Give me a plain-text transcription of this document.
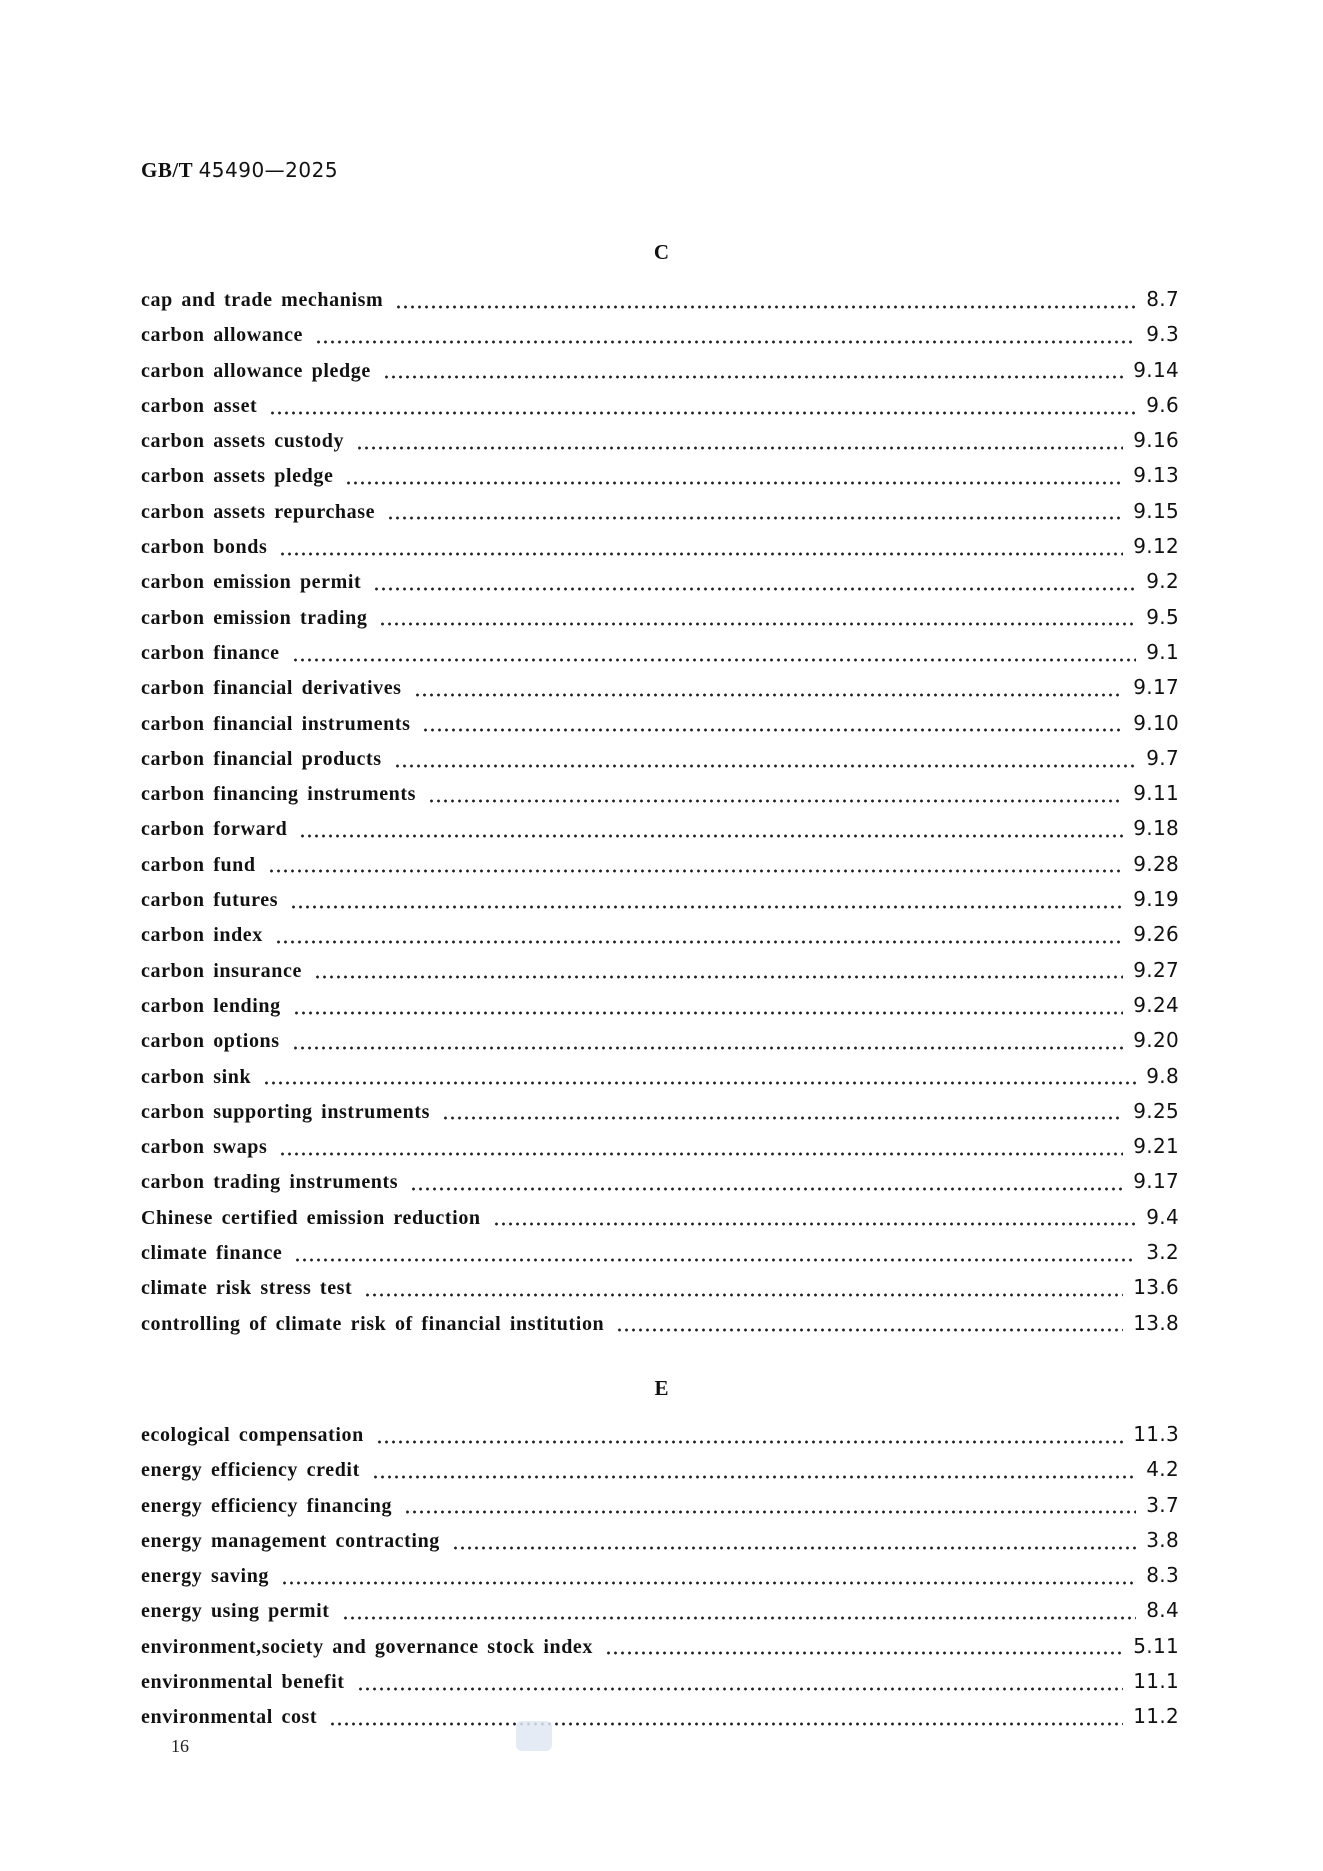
GB/T 45490—2025
C
cap and trade mechanism	8.7
carbon allowance	9.3
carbon allowance pledge	9.14
carbon asset	9.6
carbon assets custody	9.16
carbon assets pledge	9.13
carbon assets repurchase	9.15
carbon bonds	9.12
carbon emission permit	9.2
carbon emission trading	9.5
carbon finance	9.1
carbon financial derivatives	9.17
carbon financial instruments	9.10
carbon financial products	9.7
carbon financing instruments	9.11
carbon forward	9.18
carbon fund	9.28
carbon futures	9.19
carbon index	9.26
carbon insurance	9.27
carbon lending	9.24
carbon options	9.20
carbon sink	9.8
carbon supporting instruments	9.25
carbon swaps	9.21
carbon trading instruments	9.17
Chinese certified emission reduction	9.4
climate finance	3.2
climate risk stress test	13.6
controlling of climate risk of financial institution	13.8
E
ecological compensation	11.3
energy efficiency credit	4.2
energy efficiency financing	3.7
energy management contracting	3.8
energy saving	8.3
energy using permit	8.4
environment,society and governance stock index	5.11
environmental benefit	11.1
environmental cost	11.2
16
